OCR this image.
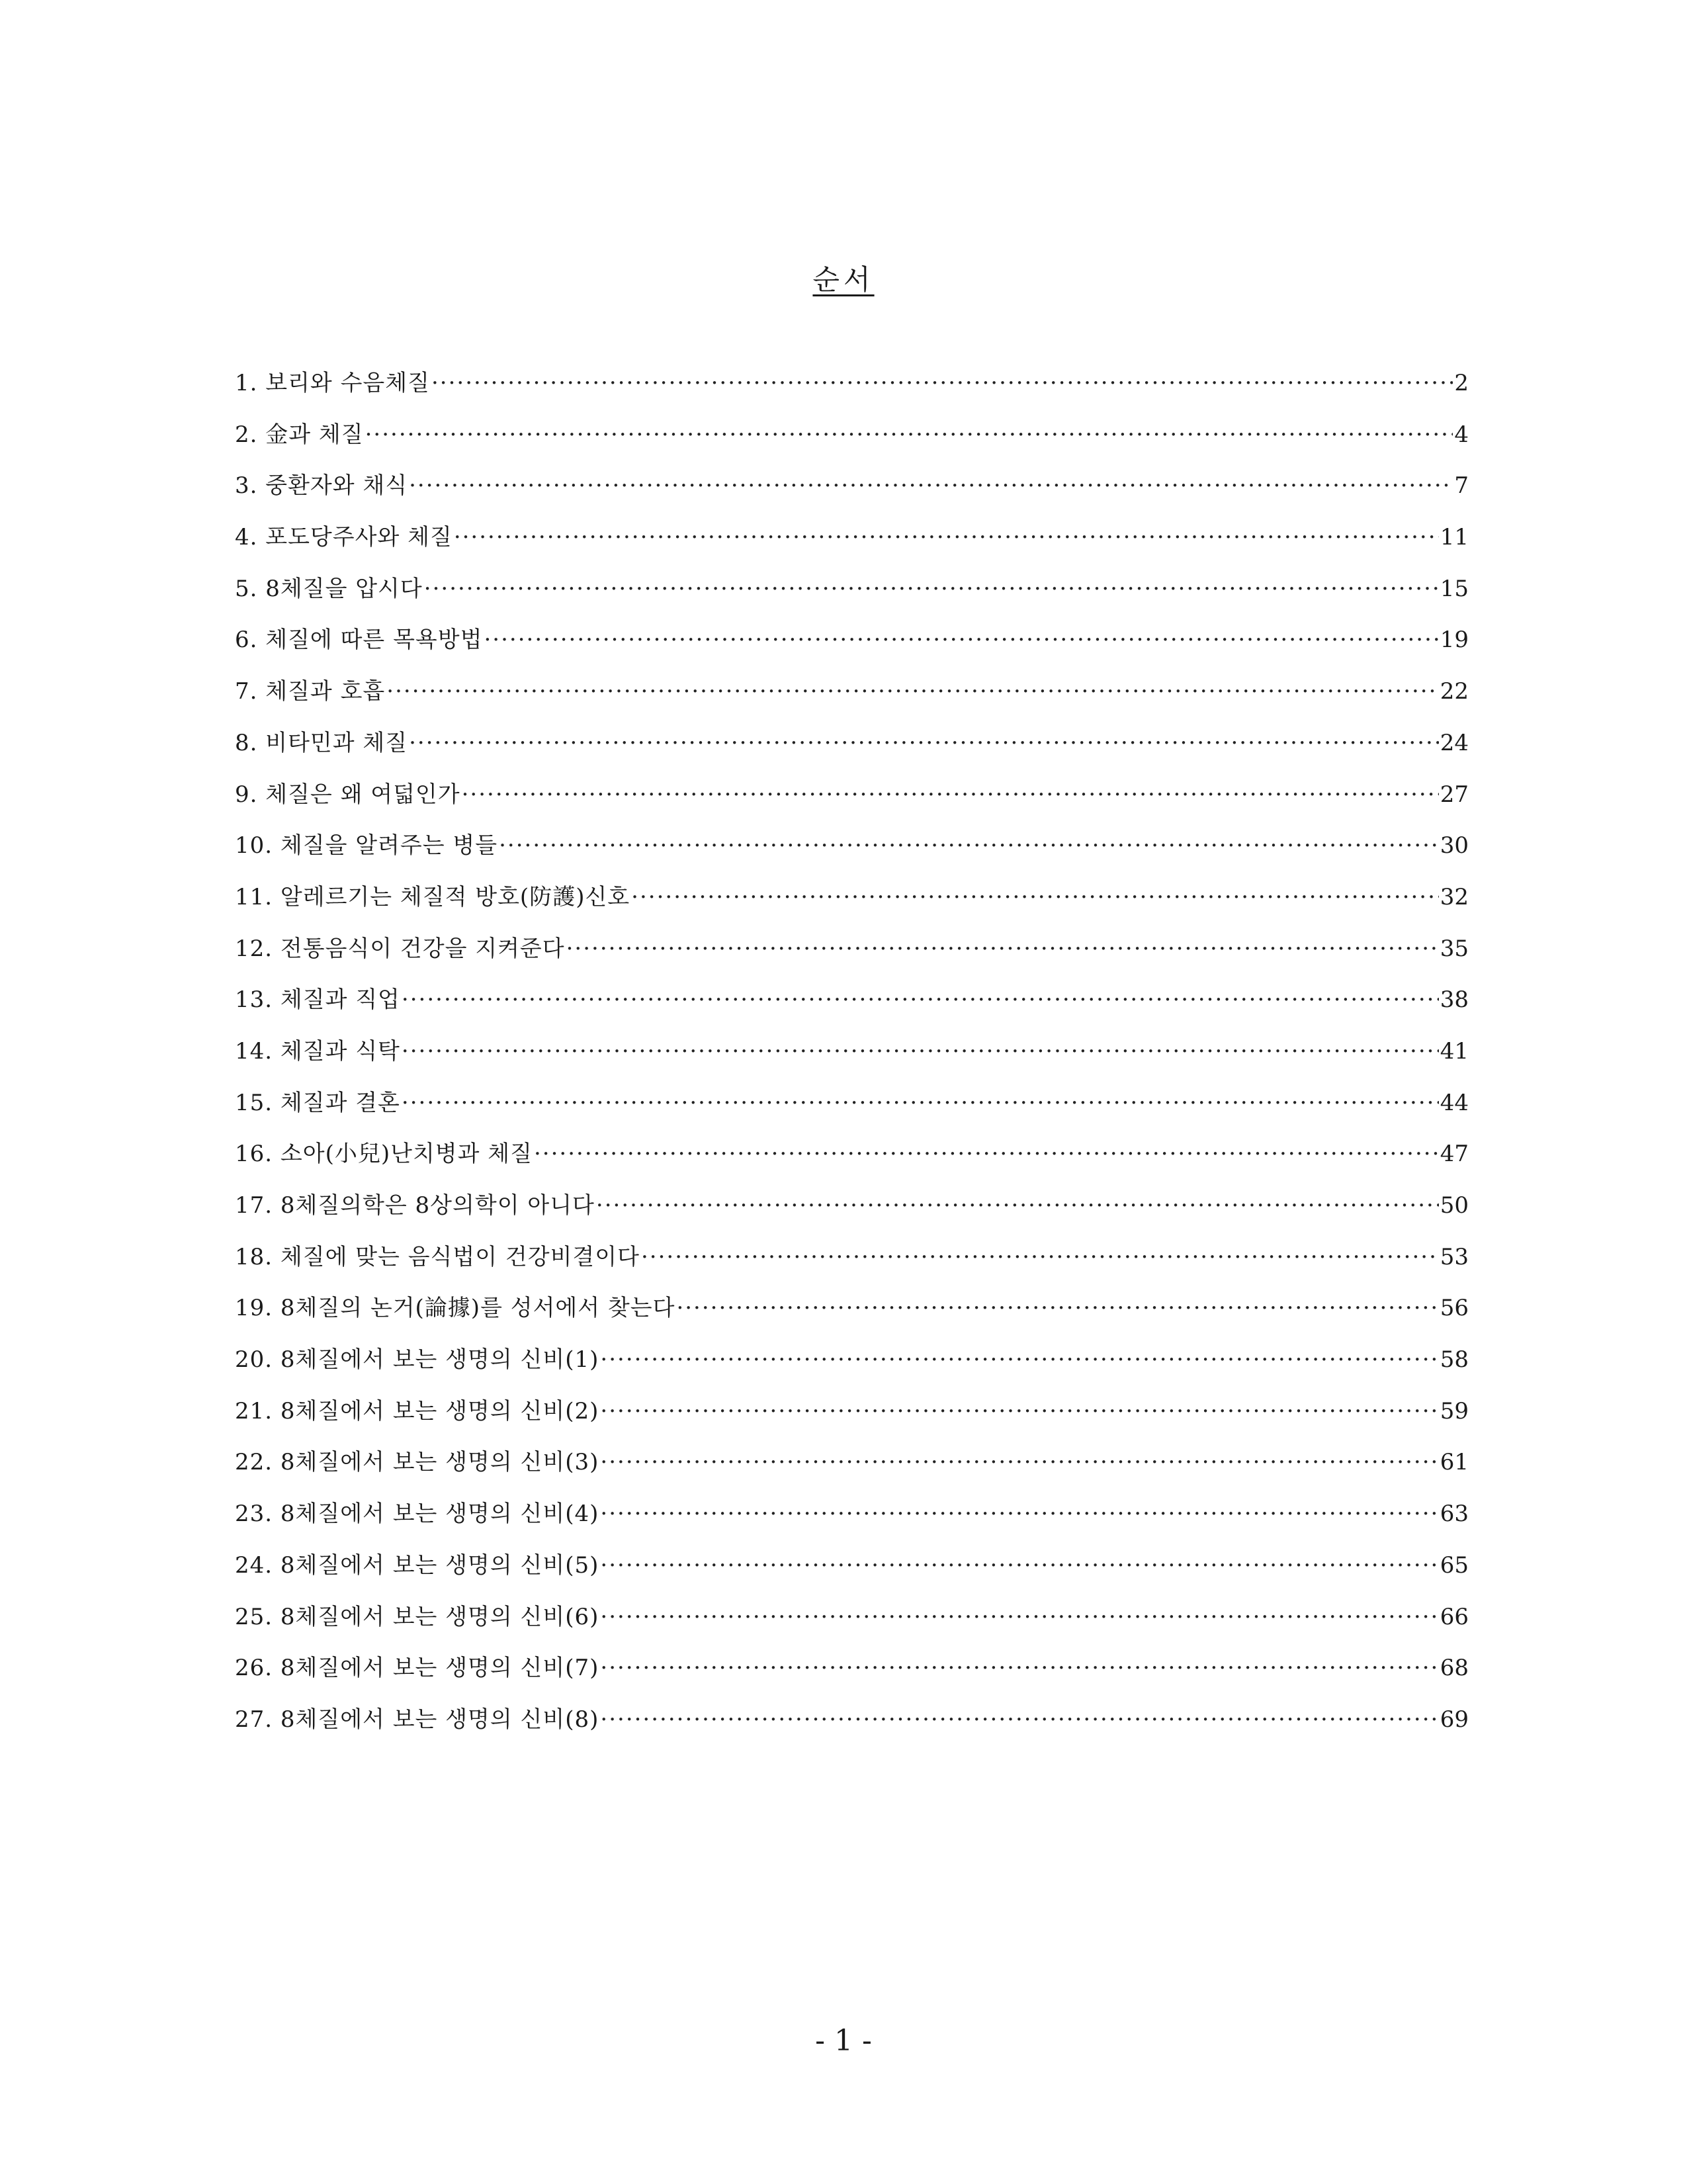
순서
1. 보리와 수음체질 ·····	2
2. 金과 체질 ·····	4
3. 중환자와 채식 ·····	7
4. 포도당주사와 체질 ·····	11
5. 8체질을 압시다 ·····	15
6. 체질에 따른 목욕방법 ·····	19
7. 체질과 호흡 ·····	22
8. 비타민과 체질 ·····	24
9. 체질은 왜 여덟인가 ·····	27
10. 체질을 알려주는 병들 ·····	30
11. 알레르기는 체질적 방호(防護)신호 ·····	32
12. 전통음식이 건강을 지켜준다 ·····	35
13. 체질과 직업 ·····	38
14. 체질과 식탁 ·····	41
15. 체질과 결혼 ·····	44
16. 소아(小兒)난치병과 체질 ·····	47
17. 8체질의학은 8상의학이 아니다 ·····	50
18. 체질에 맞는 음식법이 건강비결이다 ·····	53
19. 8체질의 논거(論據)를 성서에서 찾는다 ·····	56
20. 8체질에서 보는 생명의 신비(1) ·····	58
21. 8체질에서 보는 생명의 신비(2) ·····	59
22. 8체질에서 보는 생명의 신비(3) ·····	61
23. 8체질에서 보는 생명의 신비(4) ·····	63
24. 8체질에서 보는 생명의 신비(5) ·····	65
25. 8체질에서 보는 생명의 신비(6) ·····	66
26. 8체질에서 보는 생명의 신비(7) ·····	68
27. 8체질에서 보는 생명의 신비(8) ·····	69
- 1 -
